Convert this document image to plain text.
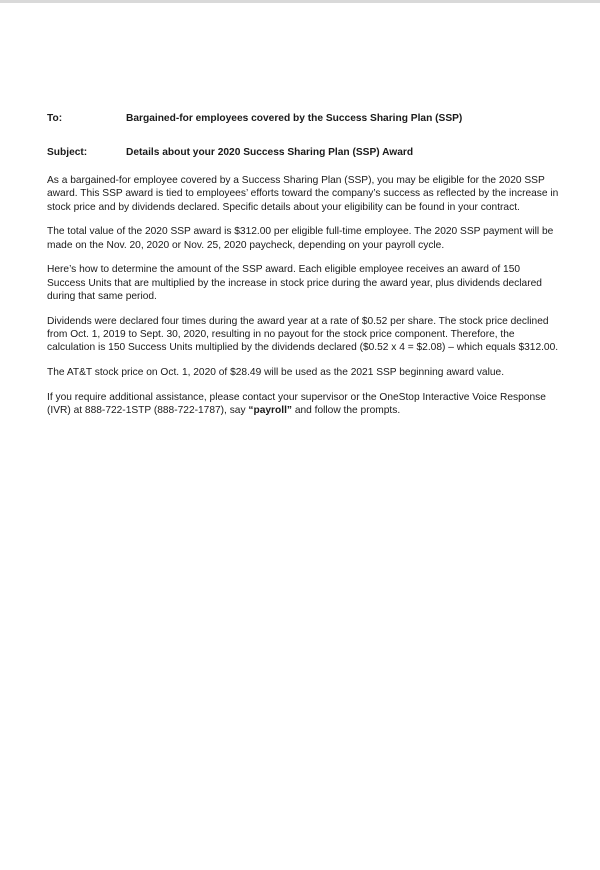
To:	Bargained-for employees covered by the Success Sharing Plan (SSP)
Subject:	Details about your 2020 Success Sharing Plan (SSP) Award

As a bargained-for employee covered by a Success Sharing Plan (SSP), you may be eligible for the 2020 SSP award. This SSP award is tied to employees’ efforts toward the company’s success as reflected by the increase in stock price and by dividends declared. Specific details about your eligibility can be found in your contract.

The total value of the 2020 SSP award is $312.00 per eligible full-time employee. The 2020 SSP payment will be made on the Nov. 20, 2020 or Nov. 25, 2020 paycheck, depending on your payroll cycle.

Here’s how to determine the amount of the SSP award. Each eligible employee receives an award of 150 Success Units that are multiplied by the increase in stock price during the award year, plus dividends declared during that same period.

Dividends were declared four times during the award year at a rate of $0.52 per share. The stock price declined from Oct. 1, 2019 to Sept. 30, 2020, resulting in no payout for the stock price component. Therefore, the calculation is 150 Success Units multiplied by the dividends declared ($0.52 x 4 = $2.08) – which equals $312.00.

The AT&T stock price on Oct. 1, 2020 of $28.49 will be used as the 2021 SSP beginning award value.

If you require additional assistance, please contact your supervisor or the OneStop Interactive Voice Response (IVR) at 888-722-1STP (888-722-1787), say “payroll” and follow the prompts.
